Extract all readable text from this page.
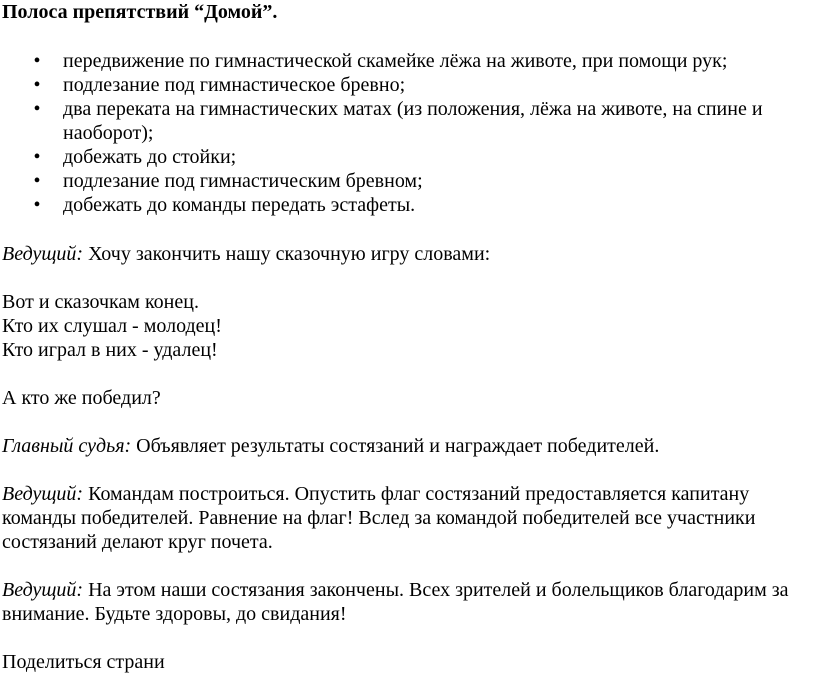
Полоса препятствий “Домой”.

• передвижение по гимнастической скамейке лёжа на животе, при помощи рук;
• подлезание под гимнастическое бревно;
• два переката на гимнастических матах (из положения, лёжа на животе, на спине и наоборот);
• добежать до стойки;
• подлезание под гимнастическим бревном;
• добежать до команды передать эстафеты.

Ведущий: Хочу закончить нашу сказочную игру словами:

Вот и сказочкам конец.

Кто их слушал - молодец!

Кто играл в них - удалец!

А кто же победил?

Главный судья: Объявляет результаты состязаний и награждает победителей.

Ведущий: Командам построиться. Опустить флаг состязаний предоставляется капитану команды победителей. Равнение на флаг! Вслед за командой победителей все участники состязаний делают круг почета.

Ведущий: На этом наши состязания закончены. Всех зрителей и болельщиков благодарим за внимание. Будьте здоровы, до свидания!

Поделиться страни
